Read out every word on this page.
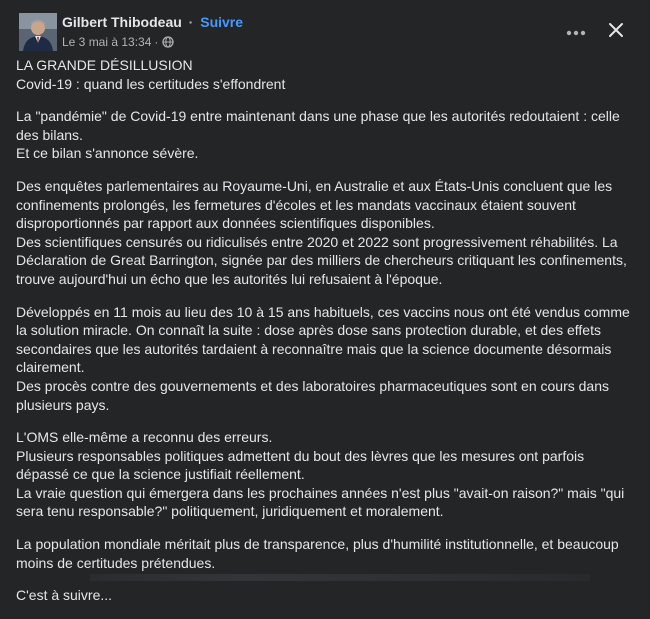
Gilbert Thibodeau · Suivre
Le 3 mai à 13:34 ·
LA GRANDE DÉSILLUSION
Covid-19 : quand les certitudes s'effondrent
La "pandémie" de Covid-19 entre maintenant dans une phase que les autorités redoutaient : celle des bilans.
Et ce bilan s'annonce sévère.
Des enquêtes parlementaires au Royaume-Uni, en Australie et aux États-Unis concluent que les confinements prolongés, les fermetures d'écoles et les mandats vaccinaux étaient souvent disproportionnés par rapport aux données scientifiques disponibles.
Des scientifiques censurés ou ridiculisés entre 2020 et 2022 sont progressivement réhabilités. La Déclaration de Great Barrington, signée par des milliers de chercheurs critiquant les confinements, trouve aujourd'hui un écho que les autorités lui refusaient à l'époque.
Développés en 11 mois au lieu des 10 à 15 ans habituels, ces vaccins nous ont été vendus comme la solution miracle. On connaît la suite : dose après dose sans protection durable, et des effets secondaires que les autorités tardaient à reconnaître mais que la science documente désormais clairement.
Des procès contre des gouvernements et des laboratoires pharmaceutiques sont en cours dans plusieurs pays.
L'OMS elle-même a reconnu des erreurs.
Plusieurs responsables politiques admettent du bout des lèvres que les mesures ont parfois dépassé ce que la science justifiait réellement.
La vraie question qui émergera dans les prochaines années n'est plus "avait-on raison?" mais "qui sera tenu responsable?" politiquement, juridiquement et moralement.
La population mondiale méritait plus de transparence, plus d'humilité institutionnelle, et beaucoup moins de certitudes prétendues.
C'est à suivre...
